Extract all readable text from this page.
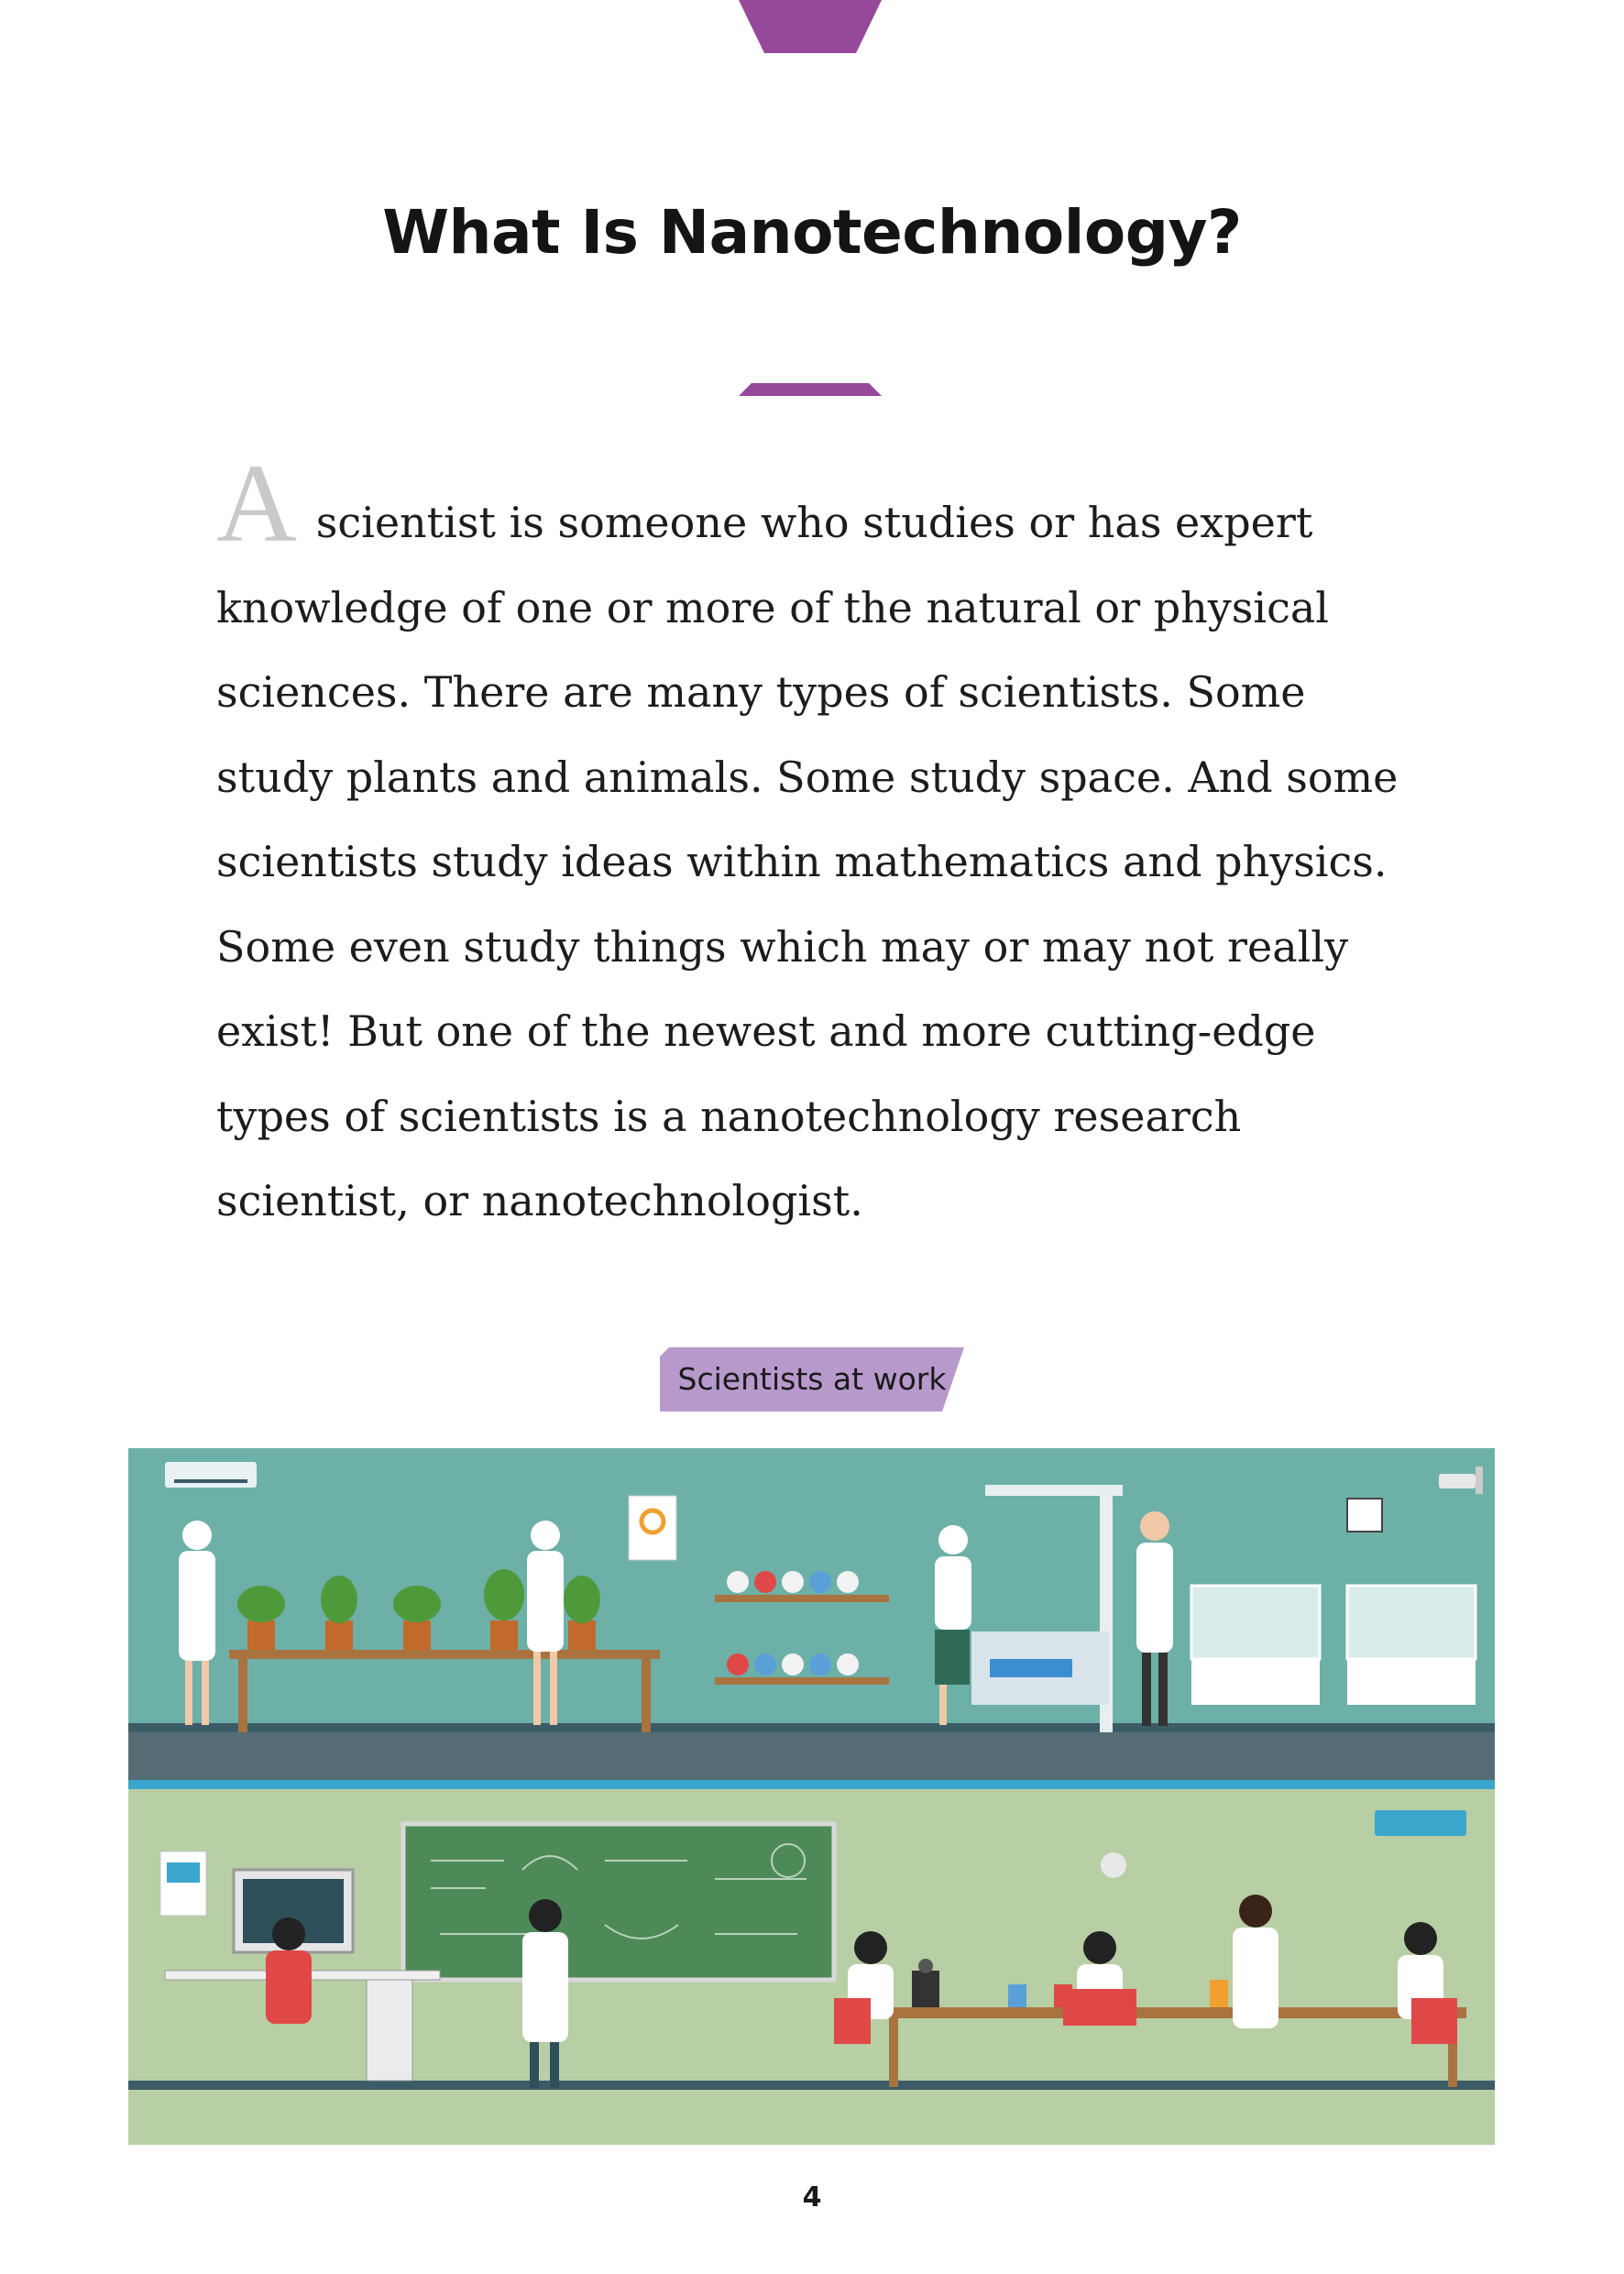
What Is Nanotechnology?

A scientist is someone who studies or has expert knowledge of one or more of the natural or physical sciences. There are many types of scientists. Some study plants and animals. Some study space. And some scientists study ideas within mathematics and physics. Some even study things which may or may not really exist! But one of the newest and more cutting-edge types of scientists is a nanotechnology research scientist, or nanotechnologist.

Scientists at work
4
